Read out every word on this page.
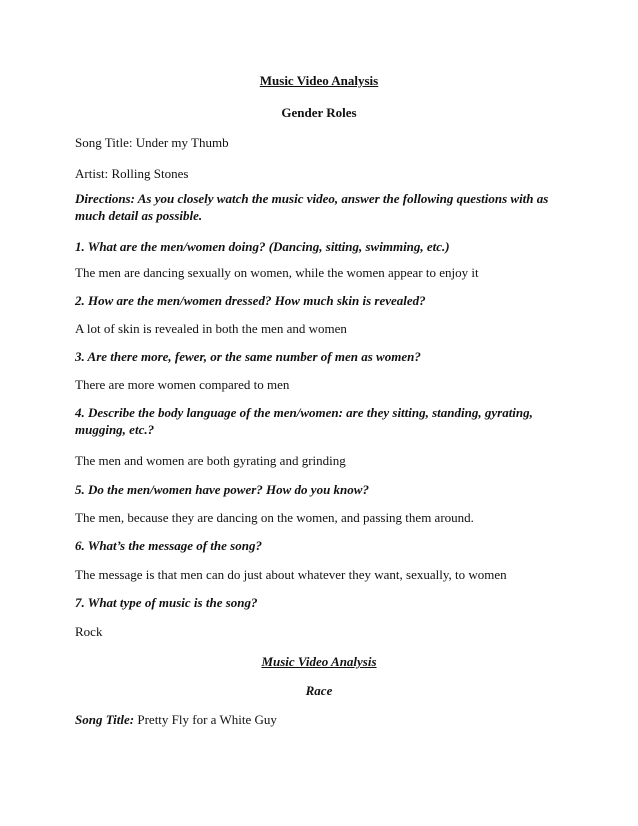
Music Video Analysis
Gender Roles
Song Title: Under my Thumb
Artist: Rolling Stones
Directions: As you closely watch the music video, answer the following questions with as much detail as possible.
1. What are the men/women doing? (Dancing, sitting, swimming, etc.)
The men are dancing sexually on women, while the women appear to enjoy it
2. How are the men/women dressed? How much skin is revealed?
A lot of skin is revealed in both the men and women
3. Are there more, fewer, or the same number of men as women?
There are more women compared to men
4. Describe the body language of the men/women: are they sitting, standing, gyrating, mugging, etc.?
The men and women are both gyrating and grinding
5. Do the men/women have power? How do you know?
The men, because they are dancing on the women, and passing them around.
6. What’s the message of the song?
The message is that men can do just about whatever they want, sexually, to women
7. What type of music is the song?
Rock
Music Video Analysis
Race
Song Title: Pretty Fly for a White Guy
